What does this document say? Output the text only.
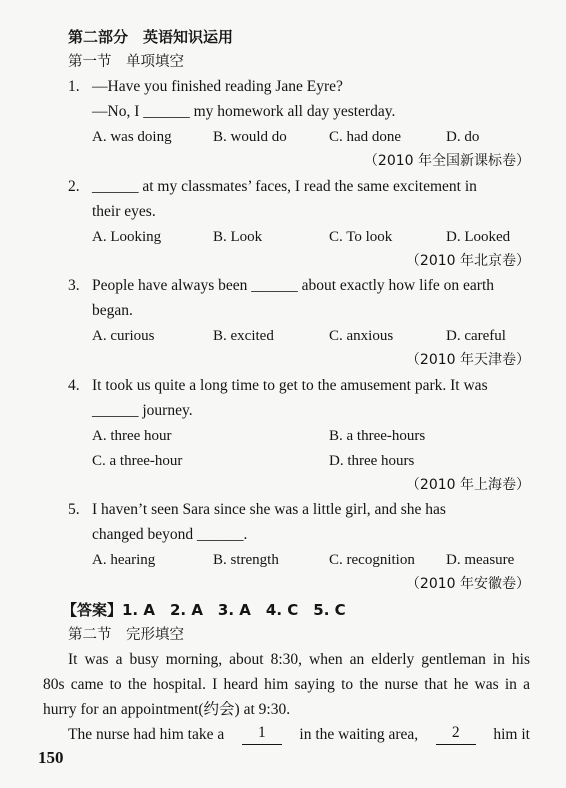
第二部分　英语知识运用
第一节　单项填空
1. —Have you finished reading Jane Eyre?
—No, I ______ my homework all day yesterday.
A. was doing	B. would do	C. had done	D. do
（2010 年全国新课标卷）
2. ______ at my classmates’ faces, I read the same excitement in
their eyes.
A. Looking	B. Look	C. To look	D. Looked
（2010 年北京卷）
3. People have always been ______ about exactly how life on earth
began.
A. curious	B. excited	C. anxious	D. careful
（2010 年天津卷）
4. It took us quite a long time to get to the amusement park. It was
______ journey.
A. three hour	B. a three-hours
C. a three-hour	D. three hours
（2010 年上海卷）
5. I haven’t seen Sara since she was a little girl, and she has
changed beyond ______.
A. hearing	B. strength	C. recognition D. measure
（2010 年安徽卷）
【答案】1. A　2. A　3. A　4. C　5. C
第二节　完形填空
It was a busy morning, about 8:30, when an elderly gentleman in his
80s came to the hospital. I heard him saying to the nurse that he was in a
hurry for an appointment(约会) at 9:30.
The nurse had him take a	1	in the waiting area,	2	him it
150
